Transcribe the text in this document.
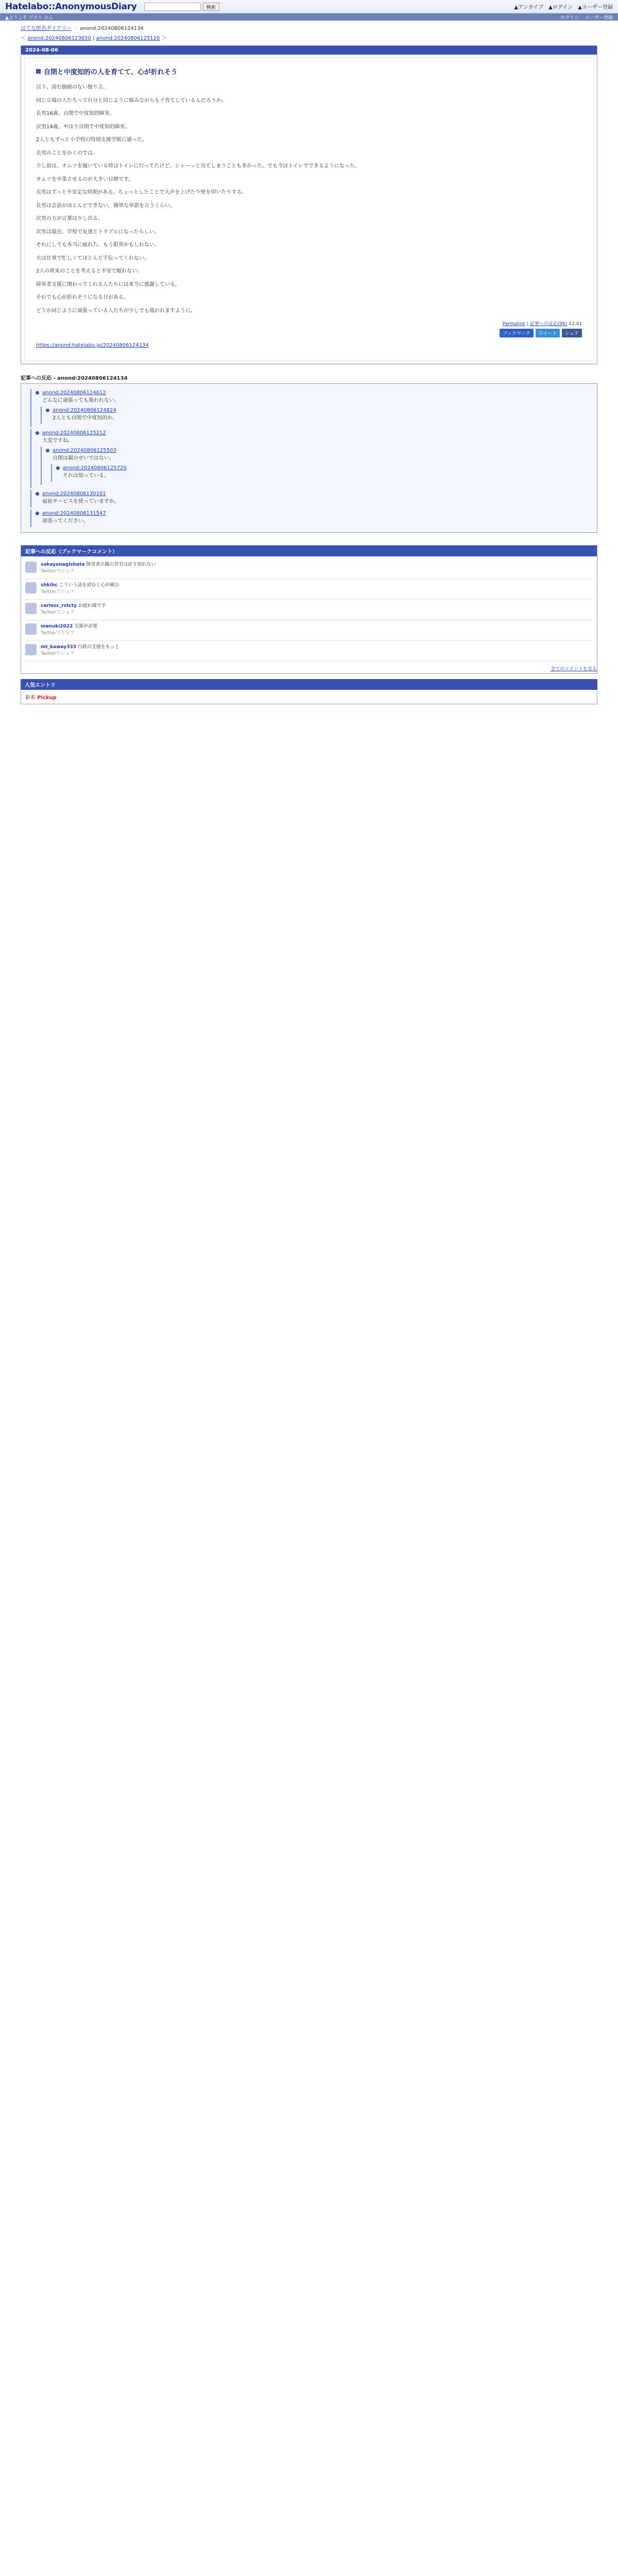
Hatelabo::AnonymousDiary	検索	▲アンカイブ ▲ログイン ▲ユーザー登録
▲ようこそ ゲスト さん	ログイン ユーザー登録
はてな匿名ダイアリー - anond:20240806124134
＜ anond:20240806123650 | anond:20240806125120 ＞
2024-08-06
自閉と中度知的の人を育てて、心が折れそう

以下、読む価値のない独り言。

同じ立場の人たちって自分と同じように悩みながらも子育てしているんだろうか。

長男16歳。自閉で中度知的障害。

次男14歳。やはり自閉で中度知的障害。

2人ともずっと小学校の特別支援学級に通った。

長男のことをかくのでは。

少し前は、オムツを履いている時はトイレに行ってたけど、シャーッと出てしまうことも多かった。でも今はトイレでできるようになった。

オムツを卒業させるのが大きい目標です。

長男はずっと不安定な時期がある。ちょっとしたことで大声を上げたり壁を叩いたりする。

長男は会話がほとんどできない。簡単な単語を言うくらい。

次男の方が言葉は少し出る。

次男は最近、学校で友達とトラブルになったらしい。

それにしても本当に疲れた。もう限界かもしれない。

夫は仕事で忙しくてほとんど手伝ってくれない。

2人の将来のことを考えると不安で眠れない。

障害者支援に関わってくれる人たちには本当に感謝している。

それでも心が折れそうになる日がある。

どうか同じように頑張っている人たちが少しでも報われますように。

Permalink | 記事への反応(96) 12:41
ブックマーク	ツイート	シェア
https://anond.hatelabo.jp/20240806124134
記事への反応 - anond:20240806124134
anond:20240806124612
どんなに頑張っても報われない。
anond:20240806124824
2人とも自閉で中度知的か。
anond:20240806125212
大変ですね。
anond:20240806125503
自閉は親のせいではない。
anond:20240806125720
それは知っている。
anond:20240806130101
福祉サービスを使っていますか。
anond:20240806131547
頑張ってください。
記事への反応（ブックマークコメント）
sakayanagishota 障害者の親の苦労は計り知れない
Twitterでシェア
shkihc こういう話を読むと心が痛む
Twitterでシェア
carlosc_rstcty お疲れ様です
Twitterでシェア
manuki2022 支援が必要
Twitterでシェア
mt_kaway333 行政の支援をもっと
Twitterでシェア
全てのコメントを見る
人気エントリ
新着 Pickup
